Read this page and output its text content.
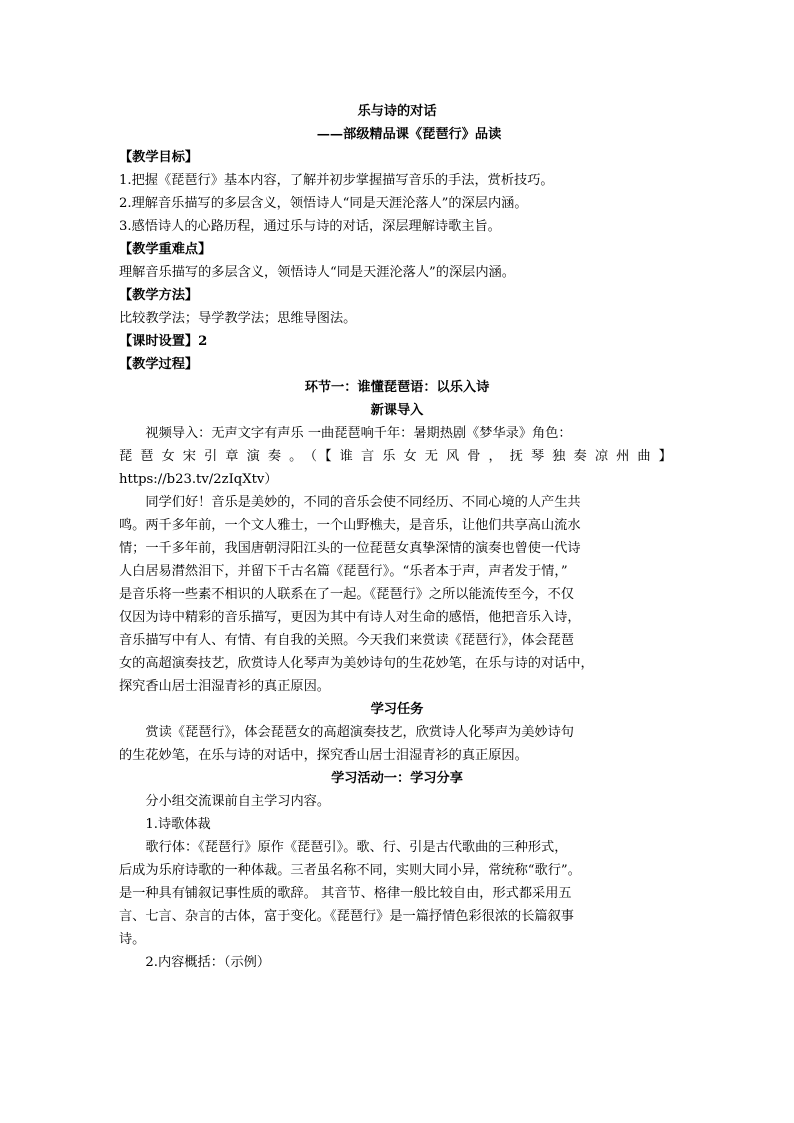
乐与诗的对话
——部级精品课《琵琶行》品读
【教学目标】
1.把握《琵琶行》基本内容，了解并初步掌握描写音乐的手法，赏析技巧。
2.理解音乐描写的多层含义，领悟诗人“同是天涯沦落人”的深层内涵。
3.感悟诗人的心路历程，通过乐与诗的对话，深层理解诗歌主旨。
【教学重难点】
理解音乐描写的多层含义，领悟诗人“同是天涯沦落人”的深层内涵。
【教学方法】
比较教学法；导学教学法；思维导图法。
【课时设置】2
【教学过程】
环节一：谁懂琵琶语：以乐入诗
新课导入
视频导入：无声文字有声乐 一曲琵琶响千年：暑期热剧《梦华录》角色：
琵琶女宋引章演奏。（【谁言乐女无风骨，抚琴独奏凉州曲】
https://b23.tv/2zIqXtv）
同学们好！音乐是美妙的，不同的音乐会使不同经历、不同心境的人产生共
鸣。两千多年前，一个文人雅士，一个山野樵夫，是音乐，让他们共享高山流水
情；一千多年前，我国唐朝浔阳江头的一位琵琶女真挚深情的演奏也曾使一代诗
人白居易潸然泪下，并留下千古名篇《琵琶行》。“乐者本于声，声者发于情，”
是音乐将一些素不相识的人联系在了一起。《琵琶行》之所以能流传至今，不仅
仅因为诗中精彩的音乐描写，更因为其中有诗人对生命的感悟，他把音乐入诗，
音乐描写中有人、有情、有自我的关照。今天我们来赏读《琵琶行》，体会琵琶
女的高超演奏技艺，欣赏诗人化琴声为美妙诗句的生花妙笔，在乐与诗的对话中，
探究香山居士泪湿青衫的真正原因。
学习任务
赏读《琵琶行》，体会琵琶女的高超演奏技艺，欣赏诗人化琴声为美妙诗句
的生花妙笔，在乐与诗的对话中，探究香山居士泪湿青衫的真正原因。
学习活动一：学习分享
分小组交流课前自主学习内容。
1.诗歌体裁
歌行体：《琵琶行》原作《琵琶引》。歌、行、引是古代歌曲的三种形式，
后成为乐府诗歌的一种体裁。三者虽名称不同，实则大同小异，常统称“歌行”。
是一种具有铺叙记事性质的歌辞。 其音节、格律一般比较自由，形式都采用五
言、七言、杂言的古体，富于变化。《琵琶行》是一篇抒情色彩很浓的长篇叙事
诗。
2.内容概括：（示例）
